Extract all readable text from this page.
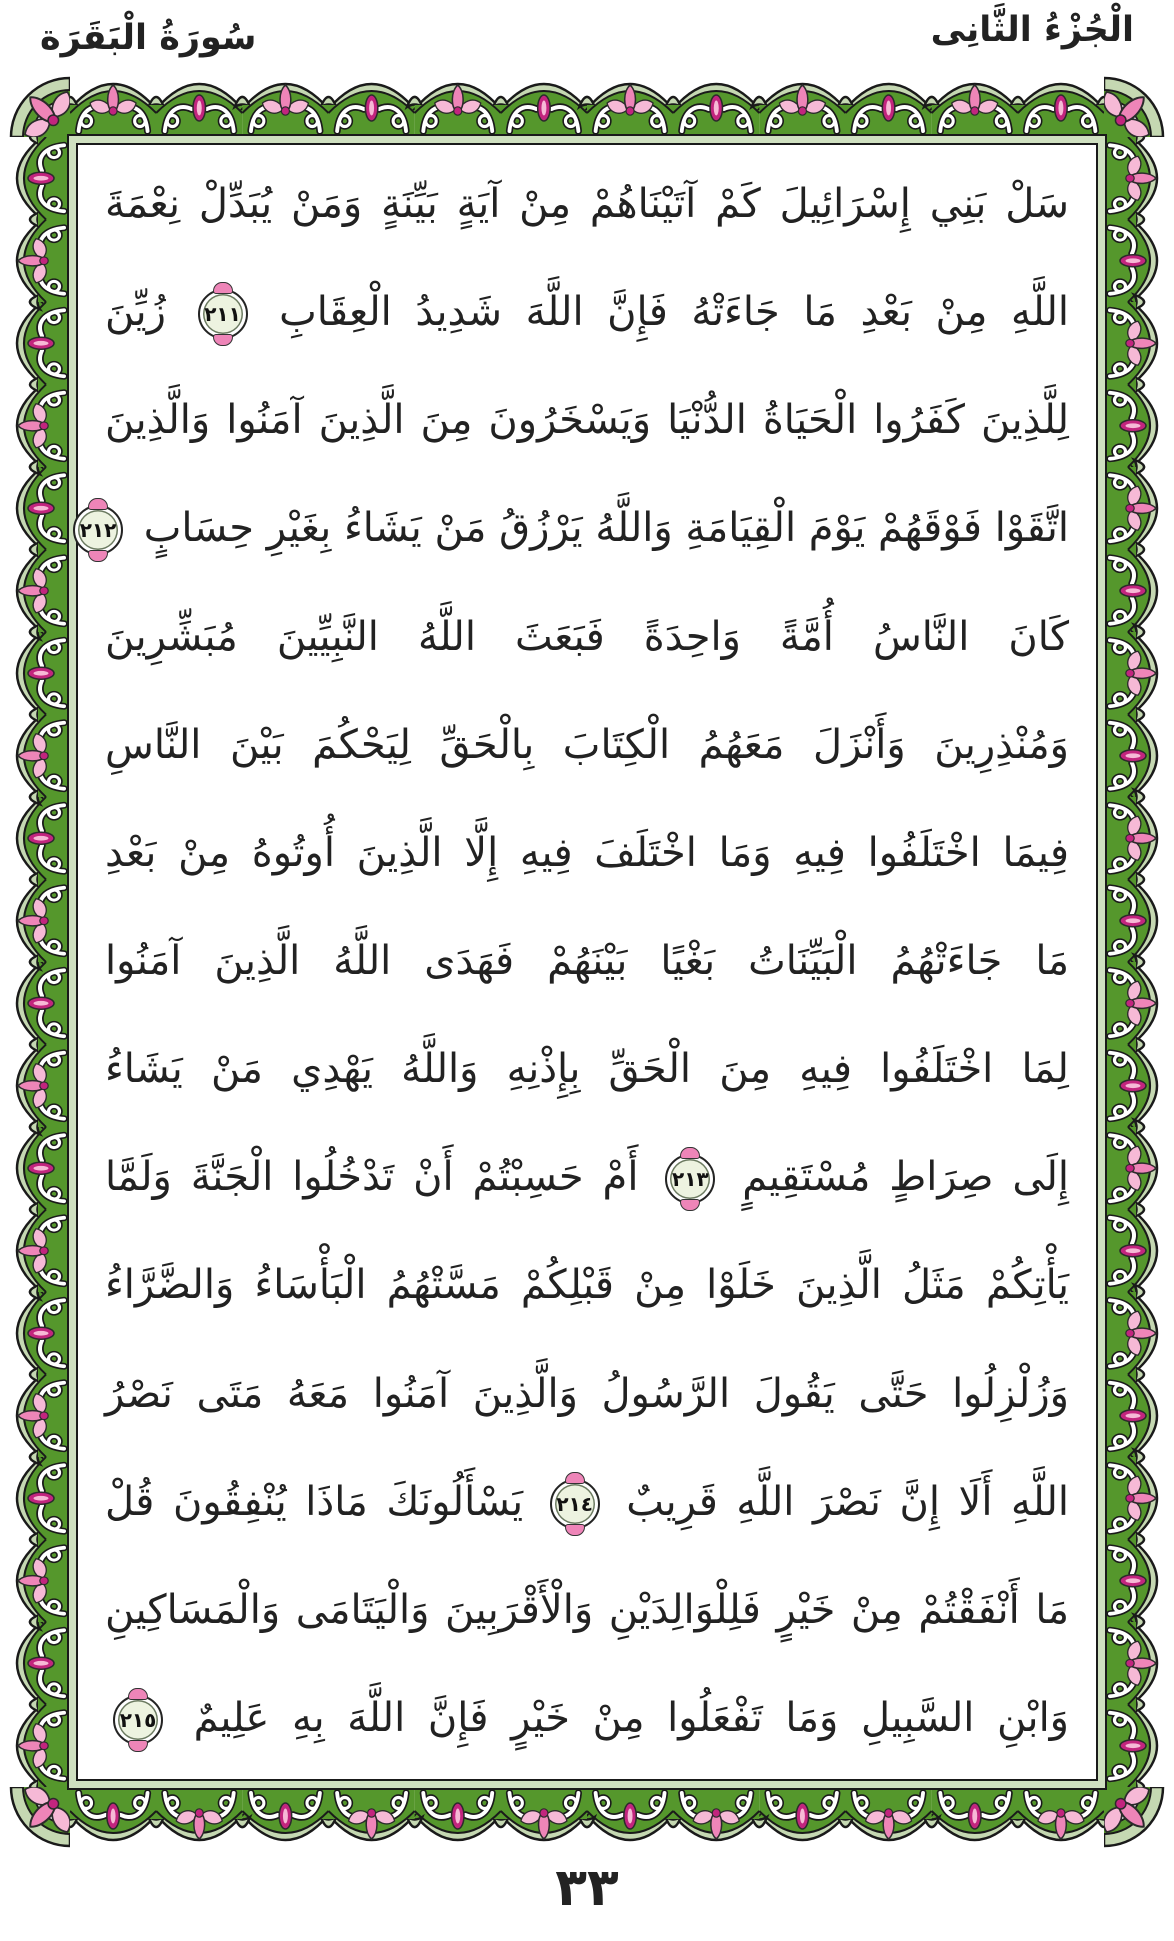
الْجُزْءُ الثَّانِى
سُورَةُ الْبَقَرَة
سَلْ بَنِي إِسْرَائِيلَ كَمْ آتَيْنَاهُمْ مِنْ آيَةٍ بَيِّنَةٍ وَمَنْ يُبَدِّلْ نِعْمَةَ
اللَّهِ مِنْ بَعْدِ مَا جَاءَتْهُ فَإِنَّ اللَّهَ شَدِيدُ الْعِقَابِ ٢١١ زُيِّنَ
لِلَّذِينَ كَفَرُوا الْحَيَاةُ الدُّنْيَا وَيَسْخَرُونَ مِنَ الَّذِينَ آمَنُوا وَالَّذِينَ
اتَّقَوْا فَوْقَهُمْ يَوْمَ الْقِيَامَةِ وَاللَّهُ يَرْزُقُ مَنْ يَشَاءُ بِغَيْرِ حِسَابٍ ٢١٢
كَانَ النَّاسُ أُمَّةً وَاحِدَةً فَبَعَثَ اللَّهُ النَّبِيِّينَ مُبَشِّرِينَ
وَمُنْذِرِينَ وَأَنْزَلَ مَعَهُمُ الْكِتَابَ بِالْحَقِّ لِيَحْكُمَ بَيْنَ النَّاسِ
فِيمَا اخْتَلَفُوا فِيهِ وَمَا اخْتَلَفَ فِيهِ إِلَّا الَّذِينَ أُوتُوهُ مِنْ بَعْدِ
مَا جَاءَتْهُمُ الْبَيِّنَاتُ بَغْيًا بَيْنَهُمْ فَهَدَى اللَّهُ الَّذِينَ آمَنُوا
لِمَا اخْتَلَفُوا فِيهِ مِنَ الْحَقِّ بِإِذْنِهِ وَاللَّهُ يَهْدِي مَنْ يَشَاءُ
إِلَى صِرَاطٍ مُسْتَقِيمٍ ٢١٣ أَمْ حَسِبْتُمْ أَنْ تَدْخُلُوا الْجَنَّةَ وَلَمَّا
يَأْتِكُمْ مَثَلُ الَّذِينَ خَلَوْا مِنْ قَبْلِكُمْ مَسَّتْهُمُ الْبَأْسَاءُ وَالضَّرَّاءُ
وَزُلْزِلُوا حَتَّى يَقُولَ الرَّسُولُ وَالَّذِينَ آمَنُوا مَعَهُ مَتَى نَصْرُ
اللَّهِ أَلَا إِنَّ نَصْرَ اللَّهِ قَرِيبٌ ٢١٤ يَسْأَلُونَكَ مَاذَا يُنْفِقُونَ قُلْ
مَا أَنْفَقْتُمْ مِنْ خَيْرٍ فَلِلْوَالِدَيْنِ وَالْأَقْرَبِينَ وَالْيَتَامَى وَالْمَسَاكِينِ
وَابْنِ السَّبِيلِ وَمَا تَفْعَلُوا مِنْ خَيْرٍ فَإِنَّ اللَّهَ بِهِ عَلِيمٌ ٢١٥
٣٣
